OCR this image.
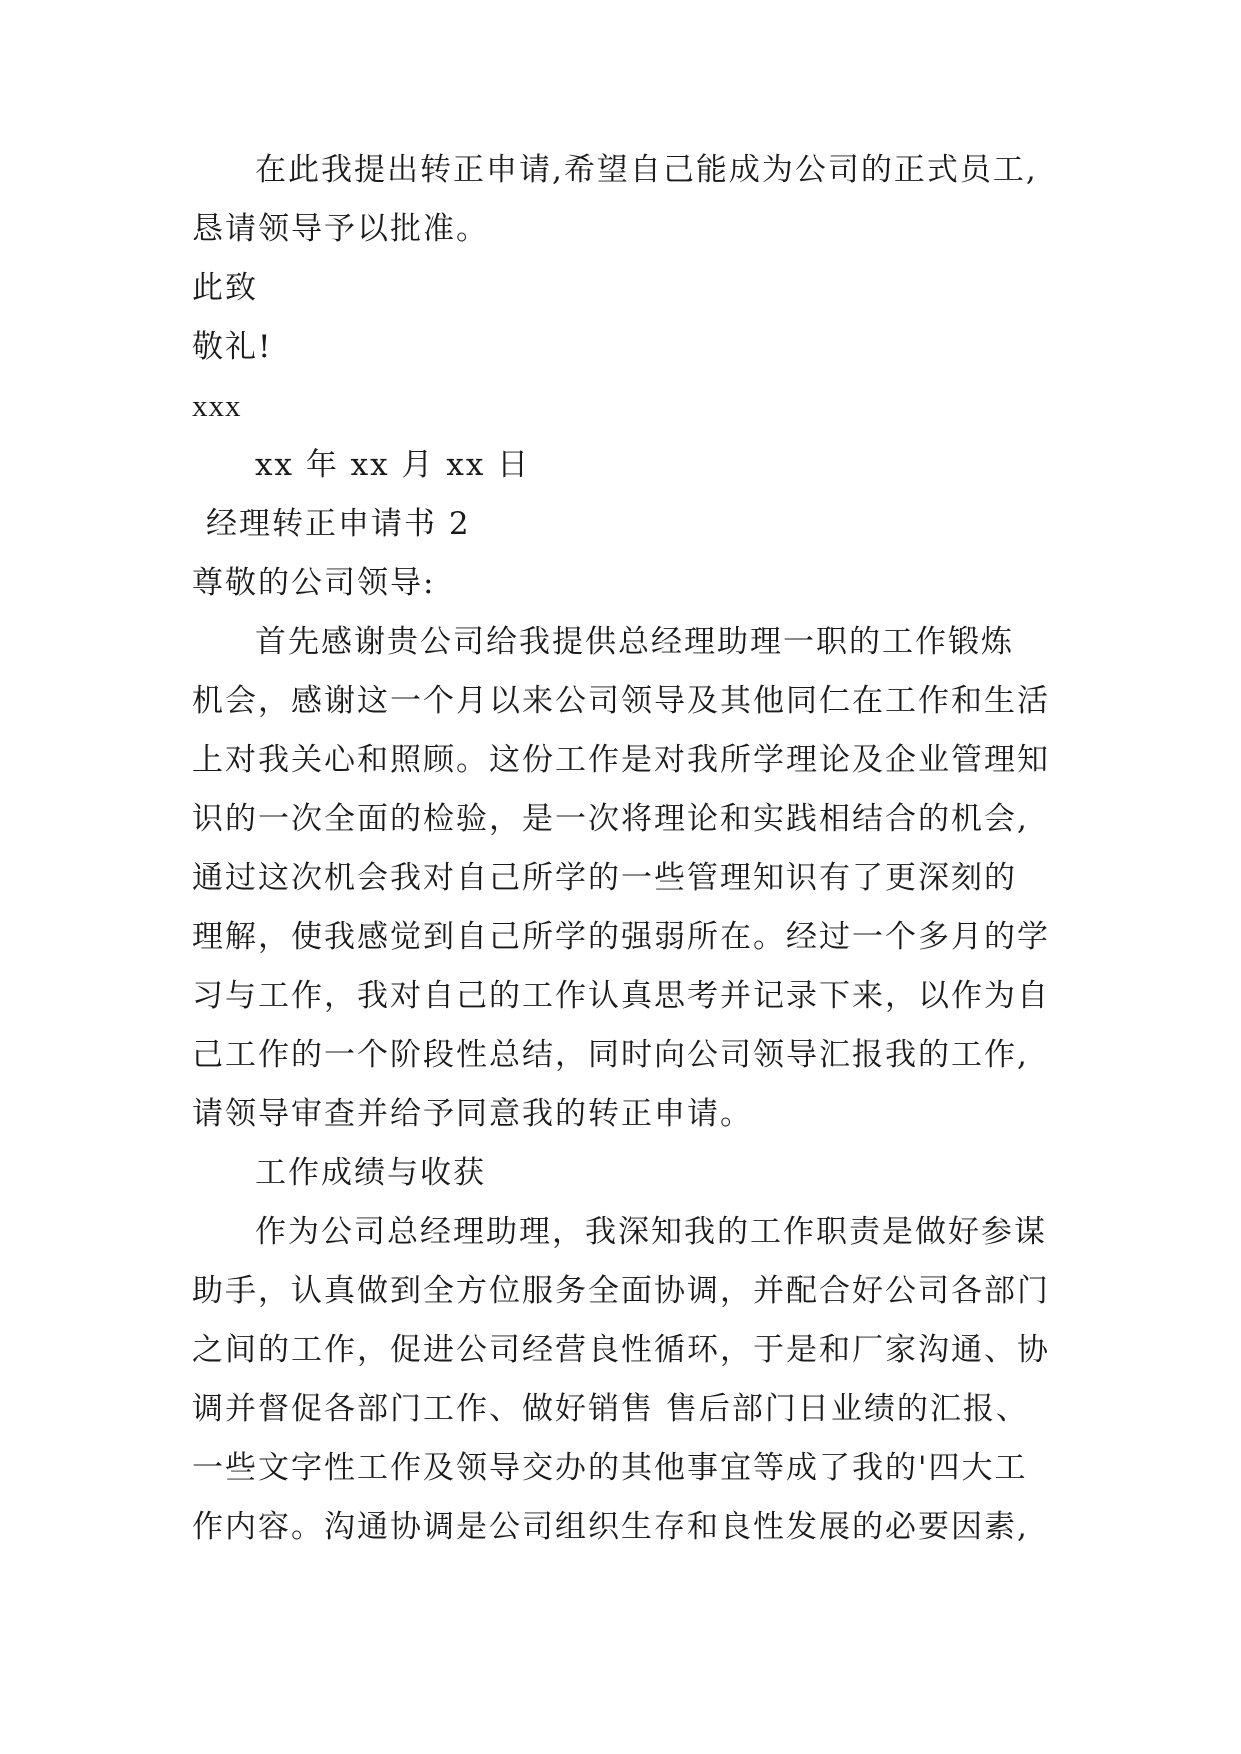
在此我提出转正申请,希望自己能成为公司的正式员工,

恳请领导予以批准。

此致

敬礼!

xxx

xx 年 xx 月 xx 日

经理转正申请书 2

尊敬的公司领导:

首先感谢贵公司给我提供总经理助理一职的工作锻炼

机会，感谢这一个月以来公司领导及其他同仁在工作和生活

上对我关心和照顾。这份工作是对我所学理论及企业管理知

识的一次全面的检验，是一次将理论和实践相结合的机会,

通过这次机会我对自己所学的一些管理知识有了更深刻的

理解，使我感觉到自己所学的强弱所在。经过一个多月的学

习与工作，我对自己的工作认真思考并记录下来，以作为自

己工作的一个阶段性总结，同时向公司领导汇报我的工作,

请领导审查并给予同意我的转正申请。

工作成绩与收获

作为公司总经理助理，我深知我的工作职责是做好参谋

助手，认真做到全方位服务全面协调，并配合好公司各部门

之间的工作，促进公司经营良性循环，于是和厂家沟通、协

调并督促各部门工作、做好销售 售后部门日业绩的汇报、

一些文字性工作及领导交办的其他事宜等成了我的'四大工

作内容。沟通协调是公司组织生存和良性发展的必要因素,
